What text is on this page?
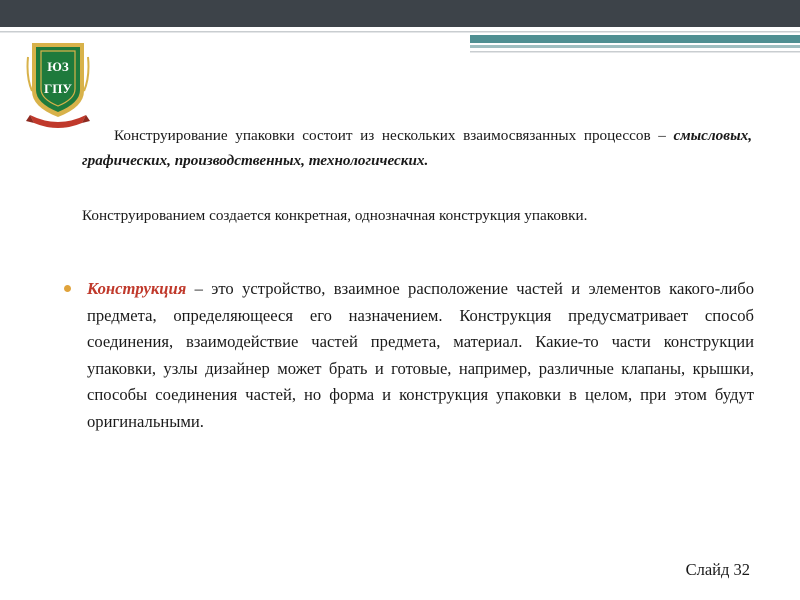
ЮЗ
ГПУ
Конструирование упаковки состоит из нескольких взаимосвязанных процессов – смысловых, графических, производственных, технологических.
Конструированием создается конкретная, однозначная конструкция упаковки.
Конструкция – это устройство, взаимное расположение частей и элементов какого-либо предмета, определяющееся его назначением. Конструкция предусматривает способ соединения, взаимодействие частей предмета, материал. Какие-то части конструкции упаковки, узлы дизайнер может брать и готовые, например, различные клапаны, крышки, способы соединения частей, но форма и конструкция упаковки в целом, при этом будут оригинальными.
Слайд 32
